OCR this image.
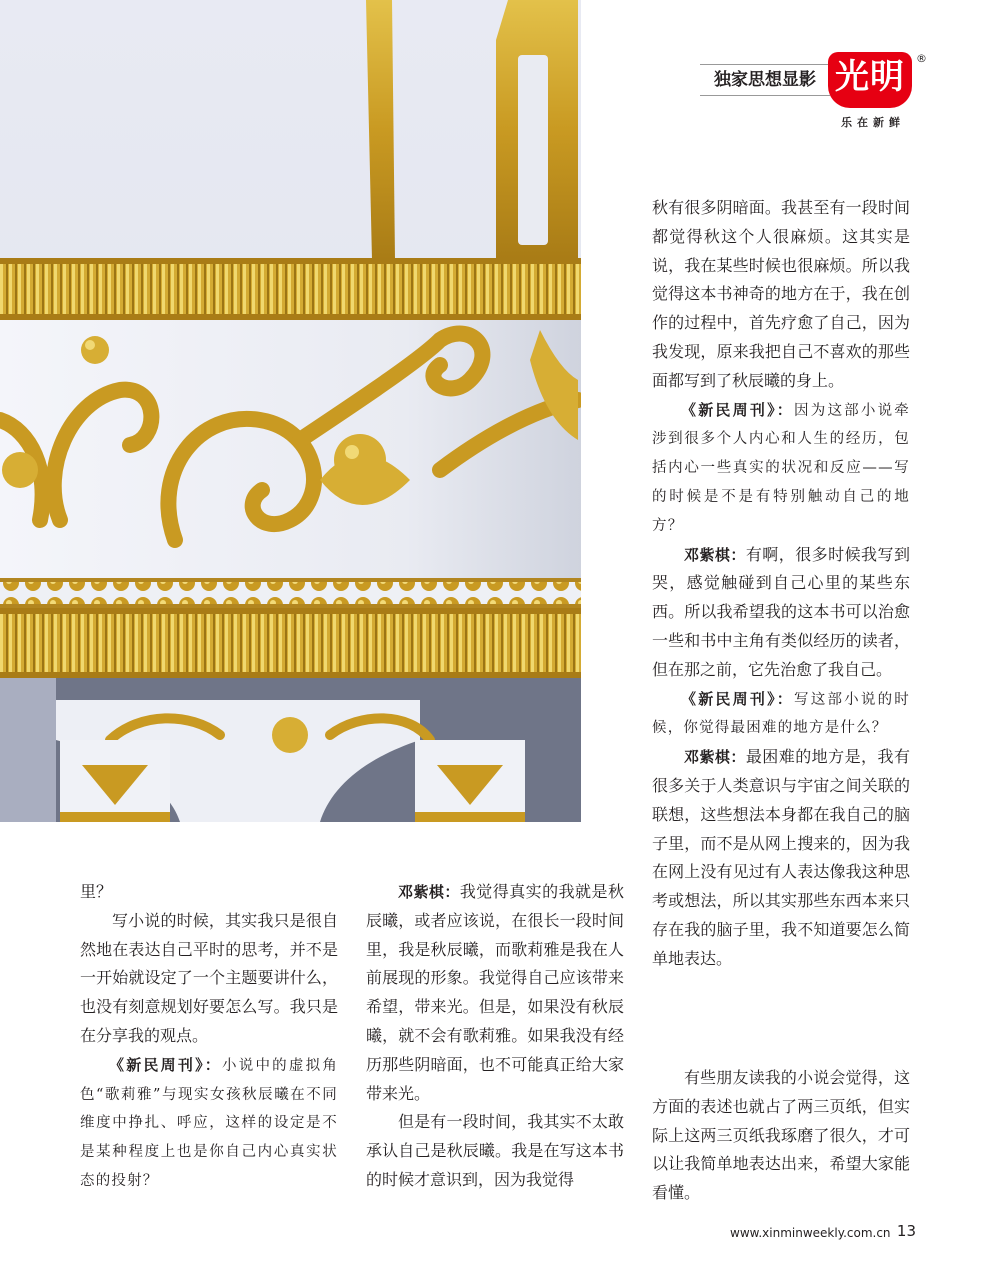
独家思想显影 光明	®
乐在新鲜

秋有很多阴暗面。我甚至有一段时间都觉得秋这个人很麻烦。这其实是说，我在某些时候也很麻烦。所以我觉得这本书神奇的地方在于，我在创作的过程中，首先疗愈了自己，因为我发现，原来我把自己不喜欢的那些面都写到了秋辰曦的身上。

《新民周刊》：因为这部小说牵涉到很多个人内心和人生的经历，包括内心一些真实的状况和反应——写的时候是不是有特别触动自己的地方？

邓紫棋：有啊，很多时候我写到哭，感觉触碰到自己心里的某些东西。所以我希望我的这本书可以治愈一些和书中主角有类似经历的读者，但在那之前，它先治愈了我自己。

《新民周刊》：写这部小说的时候，你觉得最困难的地方是什么？

邓紫棋：最困难的地方是，我有很多关于人类意识与宇宙之间关联的联想，这些想法本身都在我自己的脑子里，而不是从网上搜来的，因为我在网上没有见过有人表达像我这种思考或想法，所以其实那些东西本来只存在我的脑子里，我不知道要怎么简单地表达。

里？

写小说的时候，其实我只是很自然地在表达自己平时的思考，并不是一开始就设定了一个主题要讲什么，也没有刻意规划好要怎么写。我只是在分享我的观点。

《新民周刊》：小说中的虚拟角色“歌莉雅”与现实女孩秋辰曦在不同维度中挣扎、呼应，这样的设定是不是某种程度上也是你自己内心真实状态的投射？

邓紫棋：我觉得真实的我就是秋辰曦，或者应该说，在很长一段时间里，我是秋辰曦，而歌莉雅是我在人前展现的形象。我觉得自己应该带来希望，带来光。但是，如果没有秋辰曦，就不会有歌莉雅。如果我没有经历那些阴暗面，也不可能真正给大家带来光。

但是有一段时间，我其实不太敢承认自己是秋辰曦。我是在写这本书的时候才意识到，因为我觉得

有些朋友读我的小说会觉得，这方面的表述也就占了两三页纸，但实际上这两三页纸我琢磨了很久，才可以让我简单地表达出来，希望大家能看懂。

www.xinminweekly.com.cn 13
